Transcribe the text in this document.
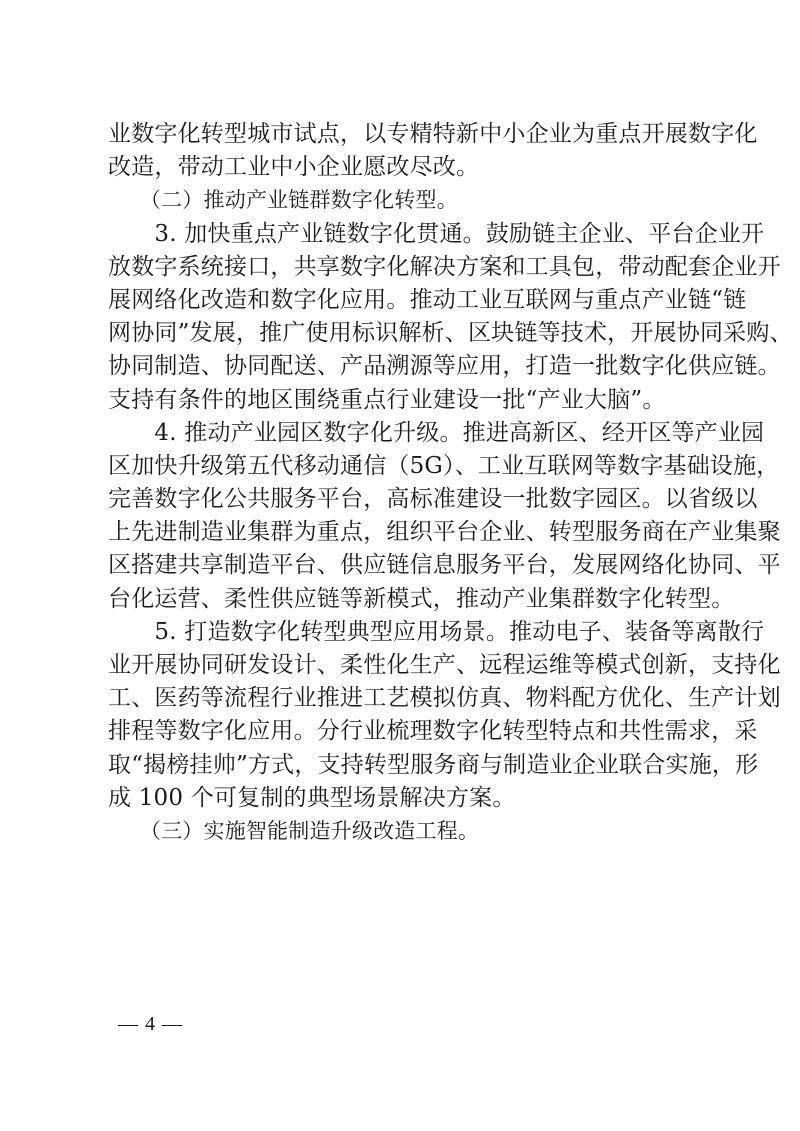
业数字化转型城市试点，以专精特新中小企业为重点开展数字化
改造，带动工业中小企业愿改尽改。
　　（二）推动产业链群数字化转型。
　　3. 加快重点产业链数字化贯通。鼓励链主企业、平台企业开
放数字系统接口，共享数字化解决方案和工具包，带动配套企业开
展网络化改造和数字化应用。推动工业互联网与重点产业链“链
网协同”发展，推广使用标识解析、区块链等技术，开展协同采购、
协同制造、协同配送、产品溯源等应用，打造一批数字化供应链。
支持有条件的地区围绕重点行业建设一批“产业大脑”。
　　4. 推动产业园区数字化升级。推进高新区、经开区等产业园
区加快升级第五代移动通信（5G）、工业互联网等数字基础设施，
完善数字化公共服务平台，高标准建设一批数字园区。以省级以
上先进制造业集群为重点，组织平台企业、转型服务商在产业集聚
区搭建共享制造平台、供应链信息服务平台，发展网络化协同、平
台化运营、柔性供应链等新模式，推动产业集群数字化转型。
　　5. 打造数字化转型典型应用场景。推动电子、装备等离散行
业开展协同研发设计、柔性化生产、远程运维等模式创新，支持化
工、医药等流程行业推进工艺模拟仿真、物料配方优化、生产计划
排程等数字化应用。分行业梳理数字化转型特点和共性需求，采
取“揭榜挂帅”方式，支持转型服务商与制造业企业联合实施，形
成 100 个可复制的典型场景解决方案。
　　（三）实施智能制造升级改造工程。
— 4 —
